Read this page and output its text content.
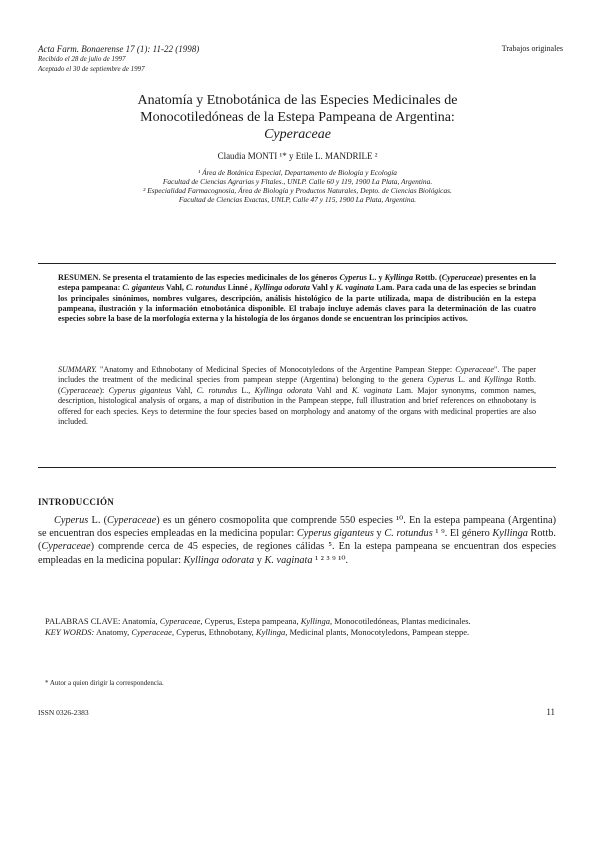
Acta Farm. Bonaerense 17 (1): 11-22 (1998)
Recibido el 28 de julio de 1997
Aceptado el 30 de septiembre de 1997
Trabajos originales
Anatomía y Etnobotánica de las Especies Medicinales de
Monocotiledóneas de la Estepa Pampeana de Argentina:
Cyperaceae
Claudia MONTI ¹* y Etile L. MANDRILE ²
¹ Área de Botánica Especial, Departamento de Biología y Ecología
Facultad de Ciencias Agrarias y Fltales., UNLP. Calle 60 y 119, 1900 La Plata, Argentina.
² Especialidad Farmacognosia, Área de Biología y Productos Naturales, Depto. de Ciencias Biológicas.
Facultad de Ciencias Exactas, UNLP, Calle 47 y 115, 1900 La Plata, Argentina.
RESUMEN. Se presenta el tratamiento de las especies medicinales de los géneros Cyperus L. y Kyllinga Rottb. (Cyperaceae) presentes en la estepa pampeana: C. giganteus Vahl, C. rotundus Linné , Kyllinga odorata Vahl y K. vaginata Lam. Para cada una de las especies se brindan los principales sinónimos, nombres vulgares, descripción, análisis histológico de la parte utilizada, mapa de distribución en la estepa pampeana, ilustración y la información etnobotánica disponible. El trabajo incluye además claves para la determinación de las cuatro especies sobre la base de la morfología externa y la histología de los órganos donde se encuentran los principios activos.
SUMMARY. "Anatomy and Ethnobotany of Medicinal Species of Monocotyledons of the Argentine Pampean Steppe: Cyperaceae". The paper includes the treatment of the medicinal species from pampean steppe (Argentina) belonging to the genera Cyperus L. and Kyllinga Rottb. (Cyperaceae): Cyperus giganteus Vahl, C. rotundus L., Kyllinga odorata Vahl and K. vaginata Lam. Major synonyms, common names, description, histological analysis of organs, a map of distribution in the Pampean steppe, full illustration and brief references on ethnobotany is offered for each species. Keys to determine the four species based on morphology and anatomy of the organs with medicinal properties are also included.
INTRODUCCIÓN
Cyperus L. (Cyperaceae) es un género cosmopolita que comprende 550 especies ¹⁰. En la estepa pampeana (Argentina) se encuentran dos especies empleadas en la medicina popular: Cyperus giganteus y C. rotundus ¹ ⁹. El género Kyllinga Rottb. (Cyperaceae) comprende cerca de 45 especies, de regiones cálidas ⁵. En la estepa pampeana se encuentran dos especies empleadas en la medicina popular: Kyllinga odorata y K. vaginata ¹ ² ³ ⁹ ¹⁰.
PALABRAS CLAVE: Anatomía, Cyperaceae, Cyperus, Estepa pampeana, Kyllinga, Monocotiledóneas, Plantas medicinales.
KEY WORDS: Anatomy, Cyperaceae, Cyperus, Ethnobotany, Kyllinga, Medicinal plants, Monocotyledons, Pampean steppe.
* Autor a quien dirigir la correspondencia.
ISSN 0326-2383	11
